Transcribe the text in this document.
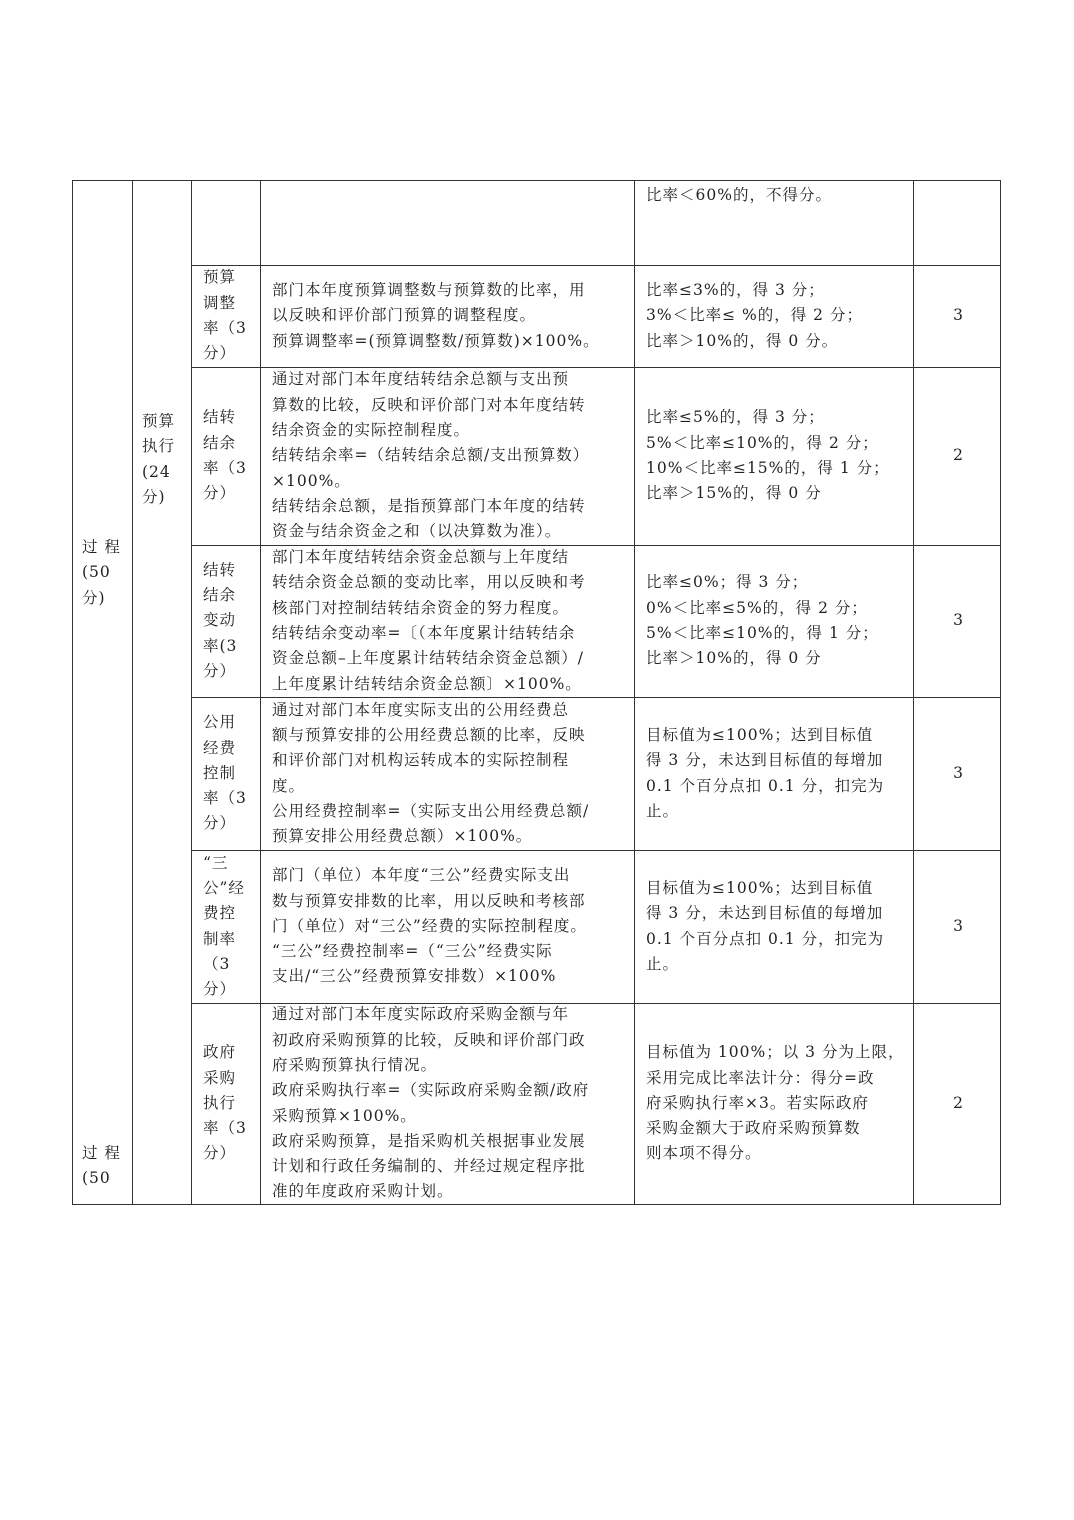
过 程
(50
分)
过 程
(50
预算
执行
(24
分)
比率＜60%的，不得分。
预算
调整
率（3
分）
部门本年度预算调整数与预算数的比率，用
以反映和评价部门预算的调整程度。
预算调整率=(预算调整数/预算数)×100%。
比率≤3%的，得 3 分；
3%＜比率≤ %的，得 2 分；
比率＞10%的，得 0 分。
3
结转
结余
率（3
分）
通过对部门本年度结转结余总额与支出预
算数的比较，反映和评价部门对本年度结转
结余资金的实际控制程度。
结转结余率=（结转结余总额/支出预算数）
×100%。
结转结余总额，是指预算部门本年度的结转
资金与结余资金之和（以决算数为准）。
比率≤5%的，得 3 分；
5%＜比率≤10%的，得 2 分；
10%＜比率≤15%的，得 1 分；
比率＞15%的，得 0 分
2
结转
结余
变动
率(3
分）
部门本年度结转结余资金总额与上年度结
转结余资金总额的变动比率，用以反映和考
核部门对控制结转结余资金的努力程度。
结转结余变动率=〔（本年度累计结转结余
资金总额–上年度累计结转结余资金总额）/
上年度累计结转结余资金总额〕×100%。
比率≤0%；得 3 分；
0%＜比率≤5%的，得 2 分；
5%＜比率≤10%的，得 1 分；
比率＞10%的，得 0 分
3
公用
经费
控制
率（3
分）
通过对部门本年度实际支出的公用经费总
额与预算安排的公用经费总额的比率，反映
和评价部门对机构运转成本的实际控制程
度。
公用经费控制率=（实际支出公用经费总额/
预算安排公用经费总额）×100%。
目标值为≤100%；达到目标值
得 3 分，未达到目标值的每增加
0.1 个百分点扣 0.1 分，扣完为
止。
3
“三
公”经
费控
制率
（3
分）
部门（单位）本年度“三公”经费实际支出
数与预算安排数的比率，用以反映和考核部
门（单位）对“三公”经费的实际控制程度。
“三公”经费控制率=（“三公”经费实际
支出/“三公”经费预算安排数）×100%
目标值为≤100%；达到目标值
得 3 分，未达到目标值的每增加
0.1 个百分点扣 0.1 分，扣完为
止。
3
政府
采购
执行
率（3
分）
通过对部门本年度实际政府采购金额与年
初政府采购预算的比较，反映和评价部门政
府采购预算执行情况。
政府采购执行率=（实际政府采购金额/政府
采购预算×100%。
政府采购预算，是指采购机关根据事业发展
计划和行政任务编制的、并经过规定程序批
准的年度政府采购计划。
目标值为 100%；以 3 分为上限，
采用完成比率法计分：得分=政
府采购执行率×3。若实际政府
采购金额大于政府采购预算数
则本项不得分。
2
